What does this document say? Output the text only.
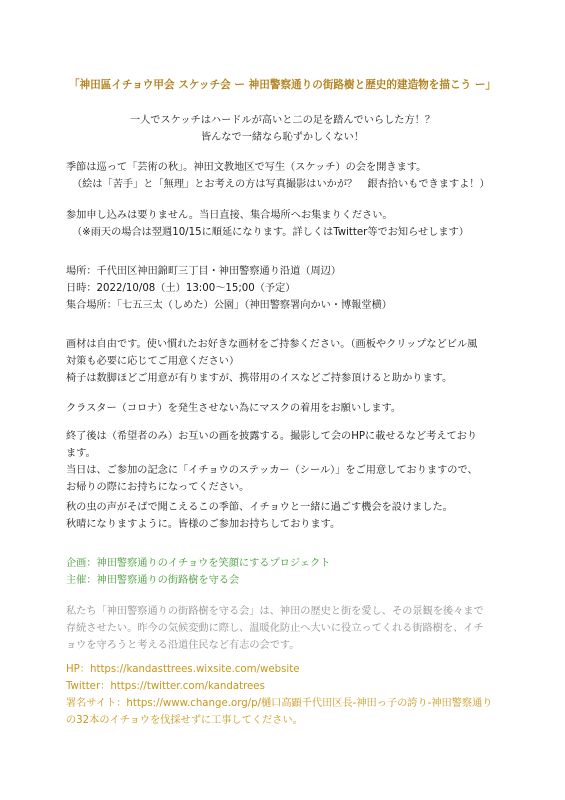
「神田區イチョウ甲会 スケッチ会 ー 神田警察通りの街路樹と歴史的建造物を描こう ー」
一人でスケッチはハードルが高いと二の足を踏んでいらした方！？
皆んなで一緒なら恥ずかしくない！
季節は巡って「芸術の秋」。神田文教地区で写生（スケッチ）の会を開きます。
（絵は「苦手」と「無理」とお考えの方は写真撮影はいかが？　銀杏拾いもできますよ！）
参加申し込みは要りません。当日直接、集合場所へお集まりください。
（※雨天の場合は翌週10/15に順延になります。詳しくはTwitter等でお知らせします）
場所：千代田区神田錦町三丁目・神田警察通り沿道（周辺）
日時：2022/10/08（土）13:00〜15;00（予定）
集合場所：「七五三太（しめた）公園」（神田警察署向かい・博報堂横）
画材は自由です。使い慣れたお好きな画材をご持参ください。（画板やクリップなどビル風
対策も必要に応じてご用意ください）
椅子は数脚ほどご用意が有りますが、携帯用のイスなどご持参頂けると助かります。
クラスター（コロナ）を発生させない為にマスクの着用をお願いします。
終了後は（希望者のみ）お互いの画を披露する。撮影して会のHPに載せるなど考えており
ます。
当日は、ご参加の記念に「イチョウのステッカー（シール）」をご用意しておりますので、
お帰りの際にお持ちになってください。
秋の虫の声がそばで聞こえるこの季節、イチョウと一緒に過ごす機会を設けました。
秋晴になりますように。皆様のご参加お持ちしております。
企画：神田警察通りのイチョウを笑顔にするプロジェクト
主催：神田警察通りの街路樹を守る会
私たち「神田警察通りの街路樹を守る会」は、神田の歴史と街を愛し、その景観を後々まで
存続させたい。昨今の気候変動に際し、温暖化防止へ大いに役立ってくれる街路樹を、イチ
ョウを守ろうと考える沿道住民など有志の会です。
HP：https://kandasttrees.wixsite.com/website
Twitter：https://twitter.com/kandatrees
署名サイト：https://www.change.org/p/樋口高顕千代田区長-神田っ子の誇り-神田警察通り
の32本のイチョウを伐採せずに工事してください。
